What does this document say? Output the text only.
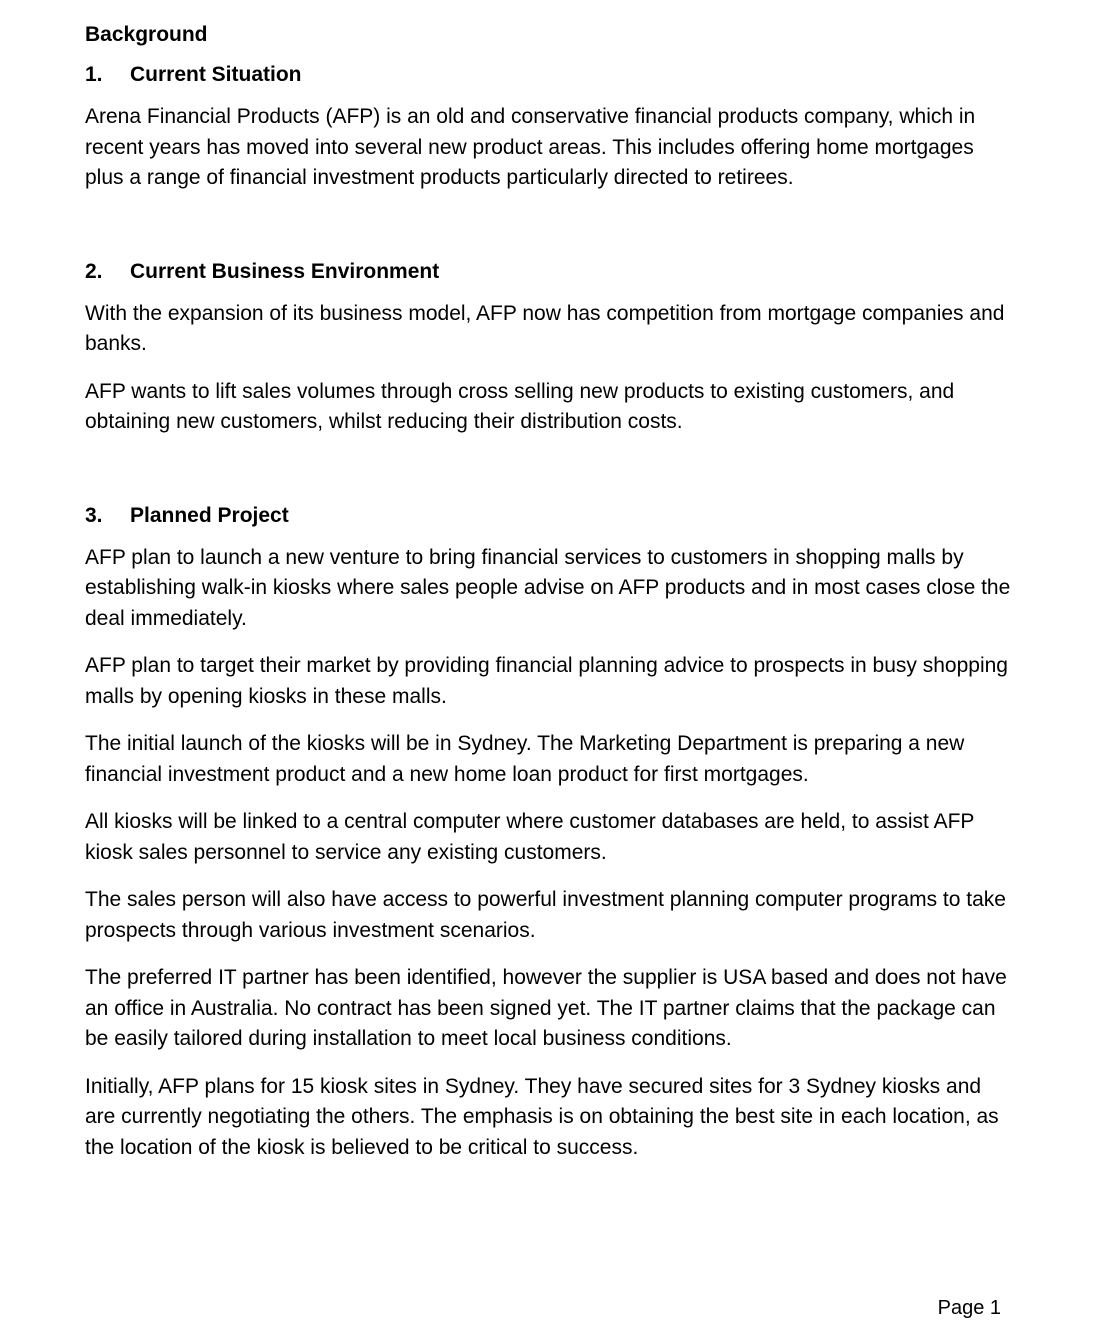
Background
1.	Current Situation

Arena Financial Products (AFP) is an old and conservative financial products company, which in recent years has moved into several new product areas. This includes offering home mortgages plus a range of financial investment products particularly directed to retirees.

2.	Current Business Environment

With the expansion of its business model, AFP now has competition from mortgage companies and banks.

AFP wants to lift sales volumes through cross selling new products to existing customers, and obtaining new customers, whilst reducing their distribution costs.

3.	Planned Project

AFP plan to launch a new venture to bring financial services to customers in shopping malls by establishing walk-in kiosks where sales people advise on AFP products and in most cases close the deal immediately.

AFP plan to target their market by providing financial planning advice to prospects in busy shopping malls by opening kiosks in these malls.

The initial launch of the kiosks will be in Sydney. The Marketing Department is preparing a new financial investment product and a new home loan product for first mortgages.

All kiosks will be linked to a central computer where customer databases are held, to assist AFP kiosk sales personnel to service any existing customers.

The sales person will also have access to powerful investment planning computer programs to take prospects through various investment scenarios.

The preferred IT partner has been identified, however the supplier is USA based and does not have an office in Australia. No contract has been signed yet. The IT partner claims that the package can be easily tailored during installation to meet local business conditions.

Initially, AFP plans for 15 kiosk sites in Sydney. They have secured sites for 3 Sydney kiosks and are currently negotiating the others. The emphasis is on obtaining the best site in each location, as the location of the kiosk is believed to be critical to success.

Page 1
